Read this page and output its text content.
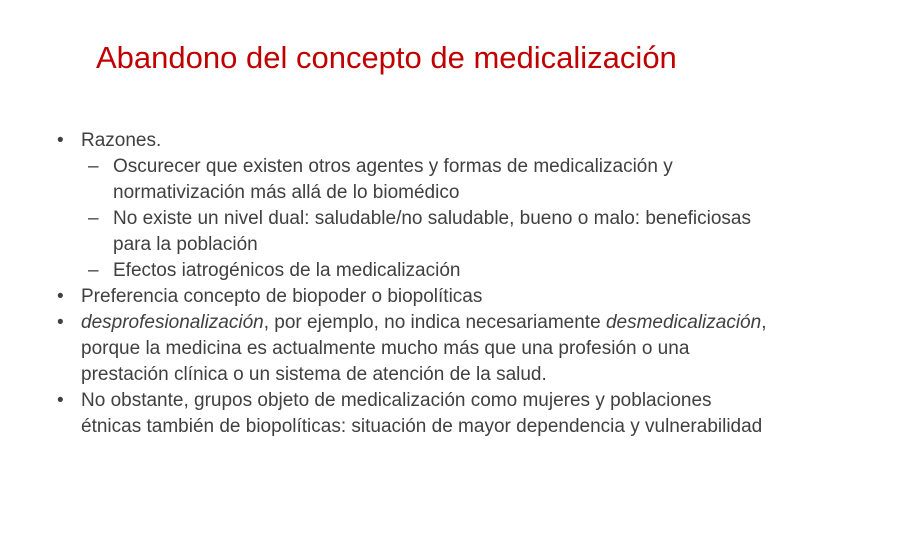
Abandono del concepto de medicalización
• Razones.
– Oscurecer que existen otros agentes y formas de medicalización y
normativización más allá de lo biomédico
– No existe un nivel dual: saludable/no saludable, bueno o malo: beneficiosas
para la población
– Efectos iatrogénicos de la medicalización
• Preferencia concepto de biopoder o biopolíticas
• desprofesionalización, por ejemplo, no indica necesariamente desmedicalización,
porque la medicina es actualmente mucho más que una profesión o una
prestación clínica o un sistema de atención de la salud.
• No obstante, grupos objeto de medicalización como mujeres y poblaciones
étnicas también de biopolíticas: situación de mayor dependencia y vulnerabilidad
